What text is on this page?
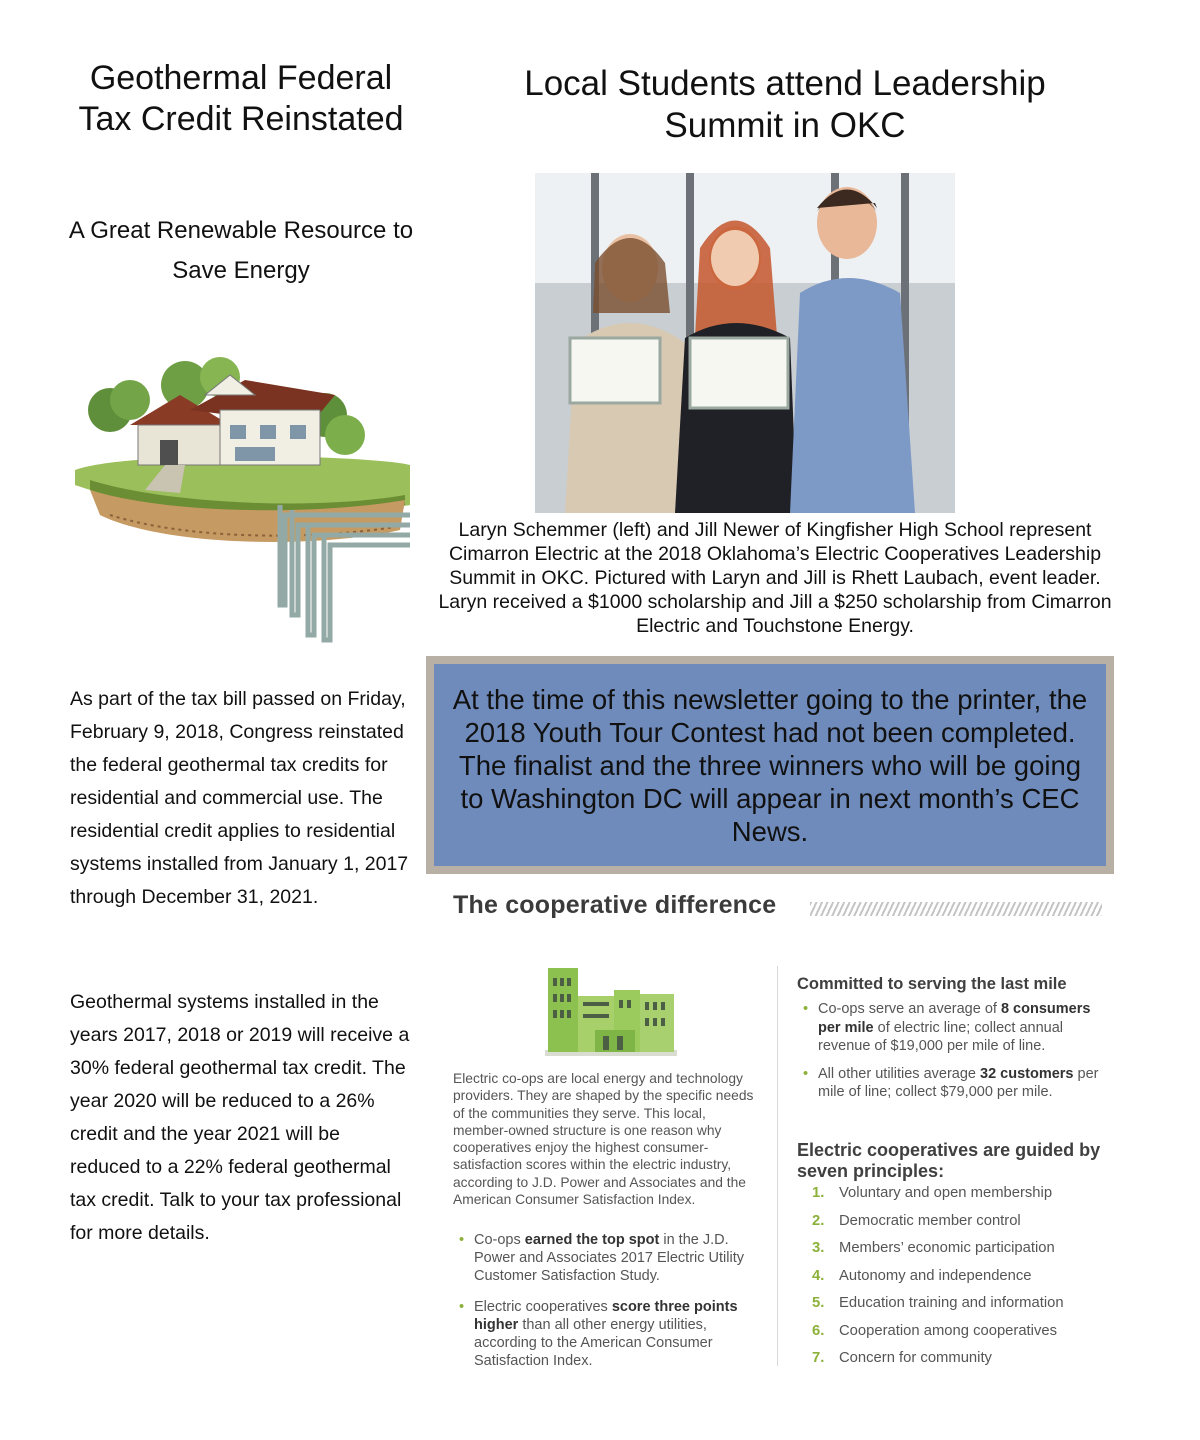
Geothermal Federal Tax Credit Reinstated
A Great Renewable Resource to Save Energy
As part of the tax bill passed on Friday, February 9, 2018, Congress reinstated the federal geothermal tax credits for residential and commercial use. The residential credit applies to residential systems installed from January 1, 2017 through December 31, 2021.
Geothermal systems installed in the years 2017, 2018 or 2019 will receive a 30% federal geothermal tax credit. The year 2020 will be reduced to a 26% credit and the year 2021 will be reduced to a 22% federal geothermal tax credit. Talk to your tax professional for more details.
Local Students attend Leadership Summit in OKC
Laryn Schemmer (left) and Jill Newer of Kingfisher High School represent Cimarron Electric at the 2018 Oklahoma’s Electric Cooperatives Leadership Summit in OKC. Pictured with Laryn and Jill is Rhett Laubach, event leader. Laryn received a $1000 scholarship and Jill a $250 scholarship from Cimarron Electric and Touchstone Energy.
At the time of this newsletter going to the printer, the 2018 Youth Tour Contest had not been completed. The finalist and the three winners who will be going to Washington DC will appear in next month’s CEC News.
The cooperative difference
Electric co-ops are local energy and technology providers. They are shaped by the specific needs of the communities they serve. This local, member-owned structure is one reason why cooperatives enjoy the highest consumer-satisfaction scores within the electric industry, according to J.D. Power and Associates and the American Consumer Satisfaction Index.
• Co-ops earned the top spot in the J.D. Power and Associates 2017 Electric Utility Customer Satisfaction Study.
• Electric cooperatives score three points higher than all other energy utilities, according to the American Consumer Satisfaction Index.
Committed to serving the last mile
• Co-ops serve an average of 8 consumers per mile of electric line; collect annual revenue of $19,000 per mile of line.
• All other utilities average 32 customers per mile of line; collect $79,000 per mile.
Electric cooperatives are guided by seven principles:
1. Voluntary and open membership
2. Democratic member control
3. Members’ economic participation
4. Autonomy and independence
5. Education training and information
6. Cooperation among cooperatives
7. Concern for community
